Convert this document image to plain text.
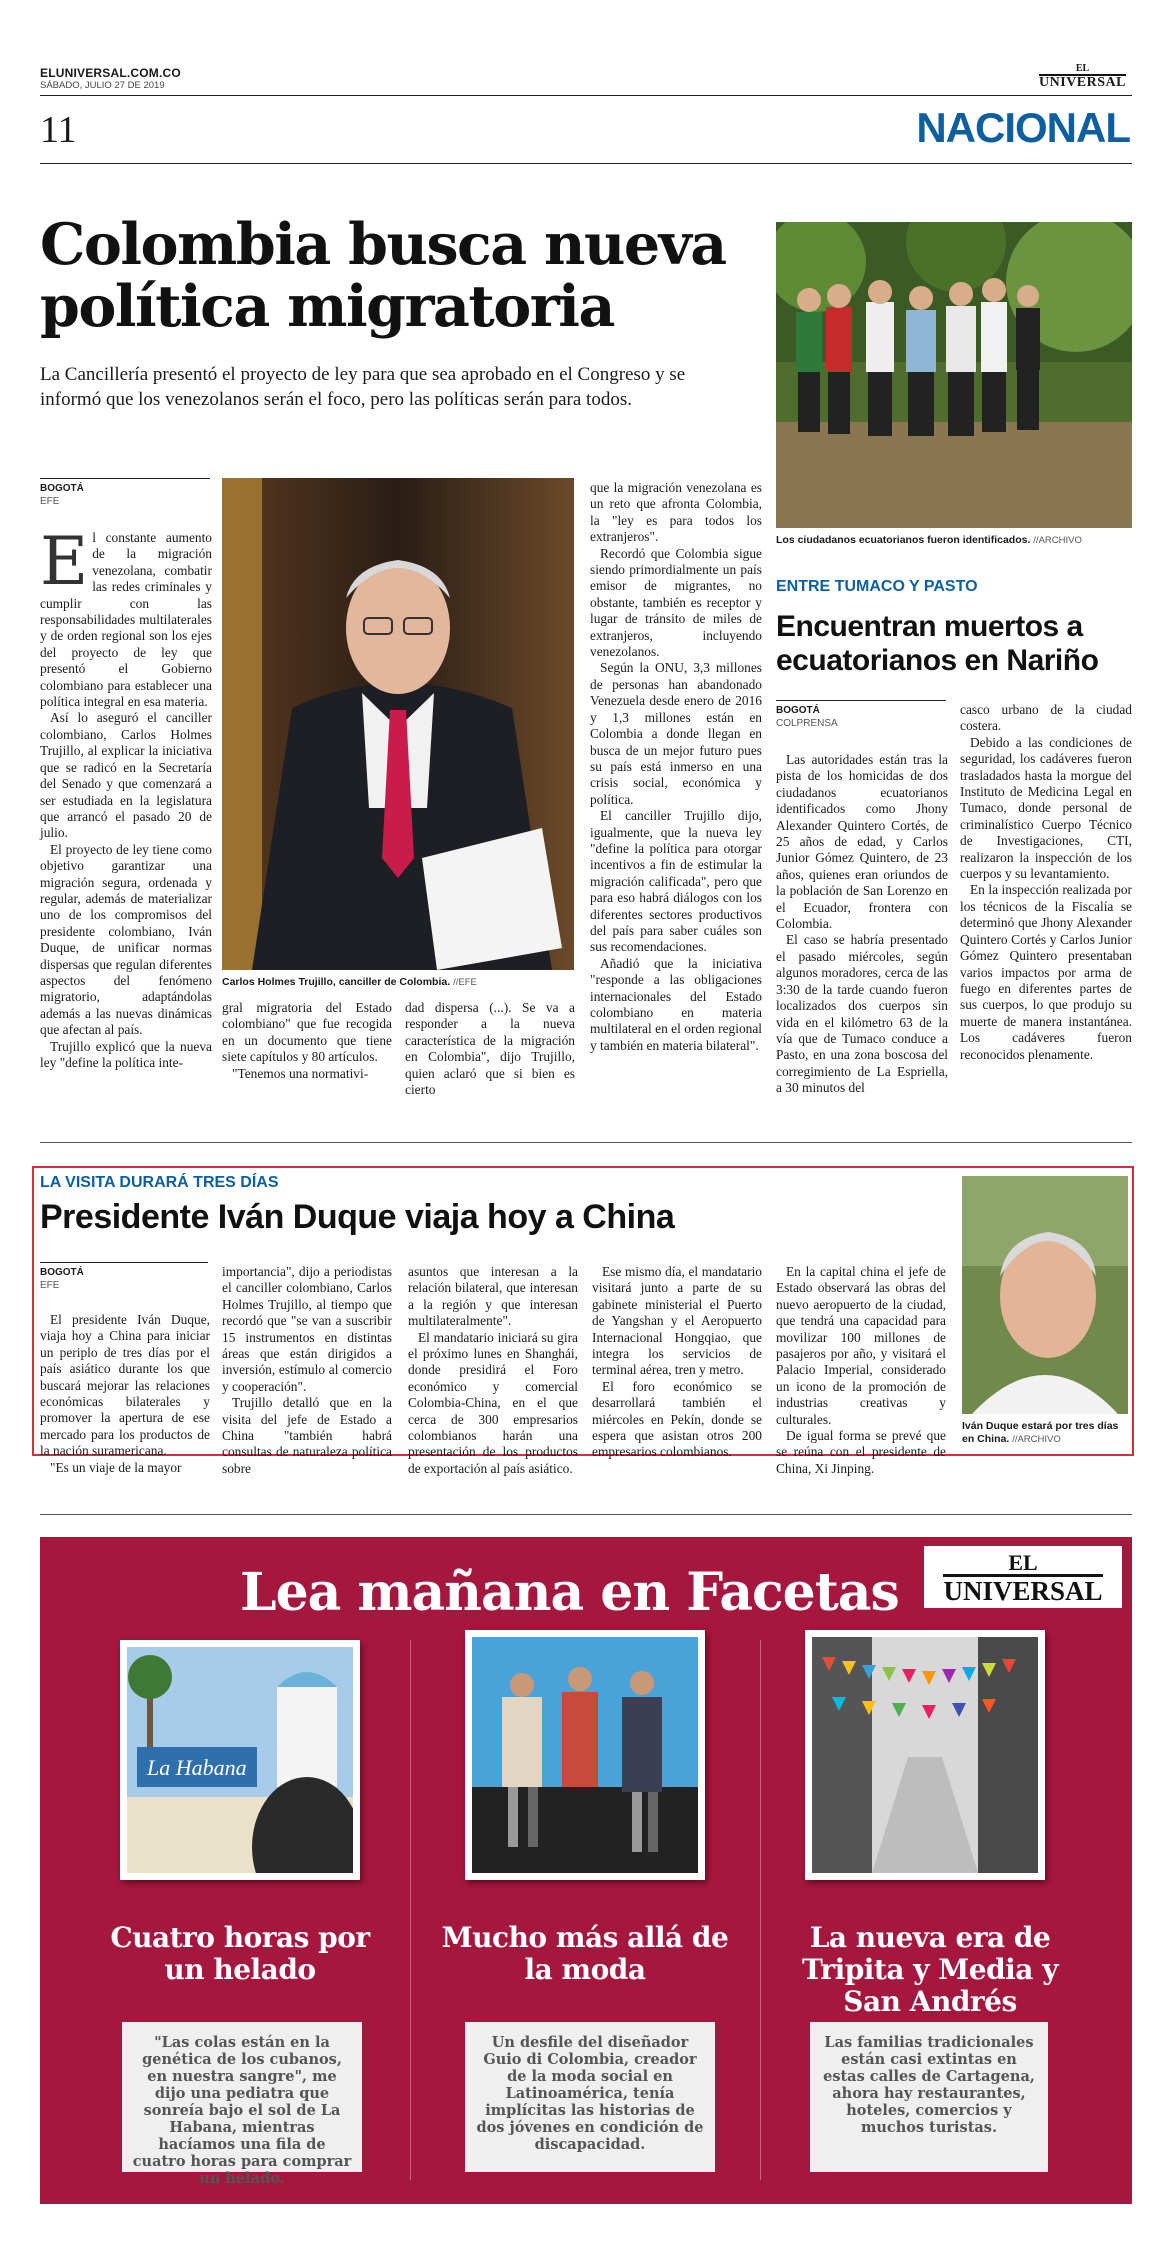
ELUNIVERSAL.COM.CO
SÁBADO, JULIO 27 DE 2019
EL
UNIVERSAL
11	NACIONAL
Colombia busca nueva política migratoria
La Cancillería presentó el proyecto de ley para que sea aprobado en el Congreso y se informó que los venezolanos serán el foco, pero las políticas serán para todos.
BOGOTÁ
EFE
E l constante aumento de la migración venezolana, combatir las redes criminales y cumplir con las responsabilidades multilaterales y de orden regional son los ejes del proyecto de ley que presentó el Gobierno colombiano para establecer una política integral en esa materia.

Así lo aseguró el canciller colombiano, Carlos Holmes Trujillo, al explicar la iniciativa que se radicó en la Secretaría del Senado y que comenzará a ser estudiada en la legislatura que arrancó el pasado 20 de julio.

El proyecto de ley tiene como objetivo garantizar una migración segura, ordenada y regular, además de materializar uno de los compromisos del presidente colombiano, Iván Duque, de unificar normas dispersas que regulan diferentes aspectos del fenómeno migratorio, adaptándolas además a las nuevas dinámicas que afectan al país.

Trujillo explicó que la nueva ley "define la política inte-

Carlos Holmes Trujillo, canciller de Colombia. //EFE

gral migratoria del Estado colombiano" que fue recogida en un documento que tiene siete capítulos y 80 artículos.

"Tenemos una normativi-

dad dispersa (...). Se va a responder a la nueva característica de la migración en Colombia", dijo Trujillo, quien aclaró que si bien es cierto

que la migración venezolana es un reto que afronta Colombia, la "ley es para todos los extranjeros".

Recordó que Colombia sigue siendo primordialmente un país emisor de migrantes, no obstante, también es receptor y lugar de tránsito de miles de extranjeros, incluyendo venezolanos.

Según la ONU, 3,3 millones de personas han abandonado Venezuela desde enero de 2016 y 1,3 millones están en Colombia a donde llegan en busca de un mejor futuro pues su país está inmerso en una crisis social, económica y política.

El canciller Trujillo dijo, igualmente, que la nueva ley "define la política para otorgar incentivos a fin de estimular la migración calificada", pero que para eso habrá diálogos con los diferentes sectores productivos del país para saber cuáles son sus recomendaciones.

Añadió que la iniciativa "responde a las obligaciones internacionales del Estado colombiano en materia multilateral en el orden regional y también en materia bilateral".

Los ciudadanos ecuatorianos fueron identificados. //ARCHIVO
ENTRE TUMACO Y PASTO
Encuentran muertos a ecuatorianos en Nariño
BOGOTÁ
COLPRENSA

Las autoridades están tras la pista de los homicidas de dos ciudadanos ecuatorianos identificados como Jhony Alexander Quintero Cortés, de 25 años de edad, y Carlos Junior Gómez Quintero, de 23 años, quienes eran oriundos de la población de San Lorenzo en el Ecuador, frontera con Colombia.

El caso se habría presentado el pasado miércoles, según algunos moradores, cerca de las 3:30 de la tarde cuando fueron localizados dos cuerpos sin vida en el kilómetro 63 de la vía que de Tumaco conduce a Pasto, en una zona boscosa del corregimiento de La Espriella, a 30 minutos del

casco urbano de la ciudad costera.

Debido a las condiciones de seguridad, los cadáveres fueron trasladados hasta la morgue del Instituto de Medicina Legal en Tumaco, donde personal de criminalístico Cuerpo Técnico de Investigaciones, CTI, realizaron la inspección de los cuerpos y su levantamiento.

En la inspección realizada por los técnicos de la Fiscalía se determinó que Jhony Alexander Quintero Cortés y Carlos Junior Gómez Quintero presentaban varios impactos por arma de fuego en diferentes partes de sus cuerpos, lo que produjo su muerte de manera instantánea. Los cadáveres fueron reconocidos plenamente.

LA VISITA DURARÁ TRES DÍAS
Presidente Iván Duque viaja hoy a China
BOGOTÁ
EFE

El presidente Iván Duque, viaja hoy a China para iniciar un periplo de tres días por el país asiático durante los que buscará mejorar las relaciones económicas bilaterales y promover la apertura de ese mercado para los productos de la nación suramericana.

"Es un viaje de la mayor

importancia", dijo a periodistas el canciller colombiano, Carlos Holmes Trujillo, al tiempo que recordó que "se van a suscribir 15 instrumentos en distintas áreas que están dirigidos a inversión, estímulo al comercio y cooperación".

Trujillo detalló que en la visita del jefe de Estado a China "también habrá consultas de naturaleza política sobre

asuntos que interesan a la relación bilateral, que interesan a la región y que interesan multilateralmente".

El mandatario iniciará su gira el próximo lunes en Shanghái, donde presidirá el Foro económico y comercial Colombia-China, en el que cerca de 300 empresarios colombianos harán una presentación de los productos de exportación al país asiático.

Ese mismo día, el mandatario visitará junto a parte de su gabinete ministerial el Puerto de Yangshan y el Aeropuerto Internacional Hongqiao, que integra los servicios de terminal aérea, tren y metro.

El foro económico se desarrollará también el miércoles en Pekín, donde se espera que asistan otros 200 empresarios colombianos.

En la capital china el jefe de Estado observará las obras del nuevo aeropuerto de la ciudad, que tendrá una capacidad para movilizar 100 millones de pasajeros por año, y visitará el Palacio Imperial, considerado un icono de la promoción de industrias creativas y culturales.

De igual forma se prevé que se reúna con el presidente de China, Xi Jinping.

Iván Duque estará por tres días en China. //ARCHIVO
Lea mañana en Facetas	EL
UNIVERSAL
La Habana
Cuatro horas por un helado
"Las colas están en la genética de los cubanos, en nuestra sangre", me dijo una pediatra que sonreía bajo el sol de La Habana, mientras hacíamos una fila de cuatro horas para comprar un helado.
Mucho más allá de la moda
Un desfile del diseñador Guio di Colombia, creador de la moda social en Latinoamérica, tenía implícitas las historias de dos jóvenes en condición de discapacidad.
La nueva era de Tripita y Media y San Andrés
Las familias tradicionales están casi extintas en estas calles de Cartagena, ahora hay restaurantes, hoteles, comercios y muchos turistas.
